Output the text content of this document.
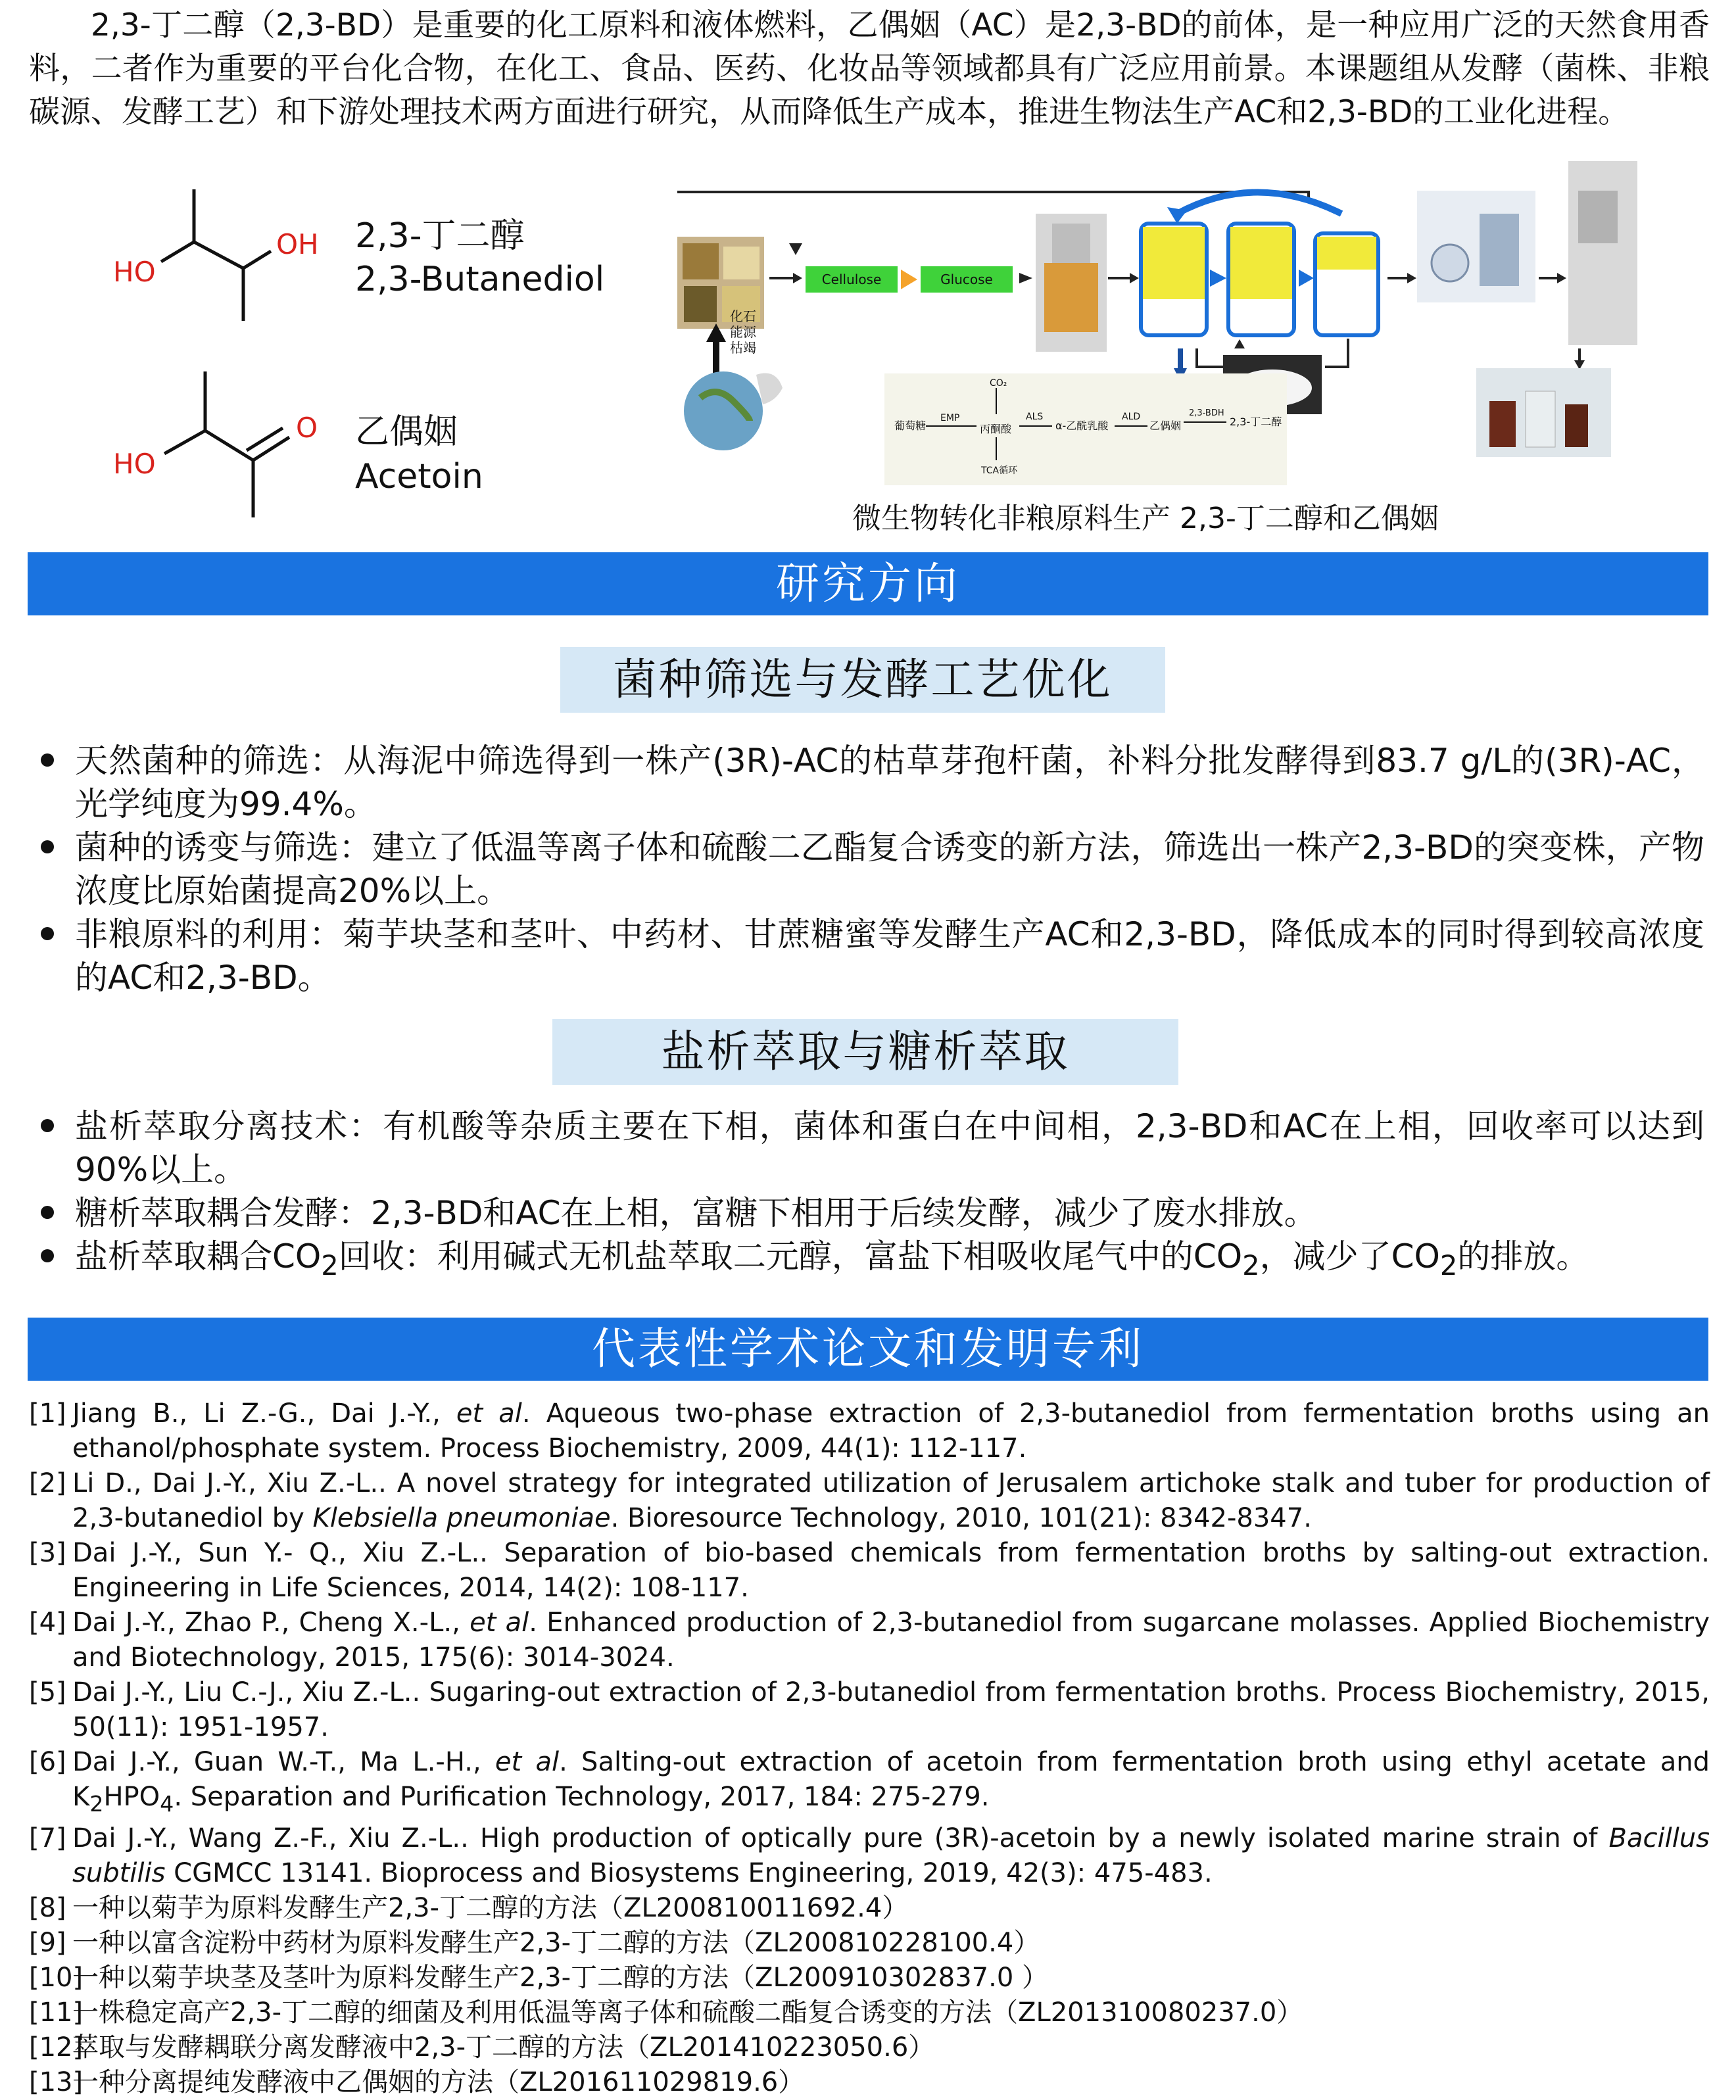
2,3-丁二醇（2,3-BD）是重要的化工原料和液体燃料，乙偶姻（AC）是2,3-BD的前体，是一种应用广泛的天然食用香料，二者作为重要的平台化合物，在化工、食品、医药、化妆品等领域都具有广泛应用前景。本课题组从发酵（菌株、非粮碳源、发酵工艺）和下游处理技术两方面进行研究，从而降低生产成本，推进生物法生产AC和2,3-BD的工业化进程。
HO
OH 2,3-丁二醇
2,3-Butanediol
HO
O 乙偶姻
Acetoin
Cellulose	Glucose
化石
能源
枯竭
葡萄糖
EMP
丙酮酸
CO₂
TCA循环
ALS
α-乙酰乳酸
ALD
乙偶姻
2,3-BDH
2,3-丁二醇
微生物转化非粮原料生产 2,3-丁二醇和乙偶姻
研究方向
菌种筛选与发酵工艺优化
天然菌种的筛选：从海泥中筛选得到一株产(3R)-AC的枯草芽孢杆菌，补料分批发酵得到83.7 g/L的(3R)-AC，光学纯度为99.4%。
菌种的诱变与筛选：建立了低温等离子体和硫酸二乙酯复合诱变的新方法，筛选出一株产2,3-BD的突变株，产物浓度比原始菌提高20%以上。
非粮原料的利用：菊芋块茎和茎叶、中药材、甘蔗糖蜜等发酵生产AC和2,3-BD，降低成本的同时得到较高浓度的AC和2,3-BD。
盐析萃取与糖析萃取
盐析萃取分离技术：有机酸等杂质主要在下相，菌体和蛋白在中间相，2,3-BD和AC在上相，回收率可以达到90%以上。
糖析萃取耦合发酵：2,3-BD和AC在上相，富糖下相用于后续发酵，减少了废水排放。
盐析萃取耦合$CO_2$回收：利用碱式无机盐萃取二元醇，富盐下相吸收尾气中的$CO_2$，减少了$CO_2$的排放。
代表性学术论文和发明专利
[1] Jiang B., Li Z.-G., Dai J.-Y., et al. Aqueous two-phase extraction of 2,3-butanediol from fermentation broths using an ethanol/phosphate system. Process Biochemistry, 2009, 44(1): 112-117.
[2] Li D., Dai J.-Y., Xiu Z.-L.. A novel strategy for integrated utilization of Jerusalem artichoke stalk and tuber for production of 2,3-butanediol by Klebsiella pneumoniae. Bioresource Technology, 2010, 101(21): 8342-8347.
[3] Dai J.-Y., Sun Y.- Q., Xiu Z.-L.. Separation of bio-based chemicals from fermentation broths by salting-out extraction. Engineering in Life Sciences, 2014, 14(2): 108-117.
[4] Dai J.-Y., Zhao P., Cheng X.-L., et al. Enhanced production of 2,3-butanediol from sugarcane molasses. Applied Biochemistry and Biotechnology, 2015, 175(6): 3014-3024.
[5] Dai J.-Y., Liu C.-J., Xiu Z.-L.. Sugaring-out extraction of 2,3-butanediol from fermentation broths. Process Biochemistry, 2015, 50(11): 1951-1957.
[6] Dai J.-Y., Guan W.-T., Ma L.-H., et al. Salting-out extraction of acetoin from fermentation broth using ethyl acetate and $K_2HPO_4$. Separation and Purification Technology, 2017, 184: 275-279.
[7] Dai J.-Y., Wang Z.-F., Xiu Z.-L.. High production of optically pure (3R)-acetoin by a newly isolated marine strain of Bacillus subtilis CGMCC 13141. Bioprocess and Biosystems Engineering, 2019, 42(3): 475-483.
[8] 一种以菊芋为原料发酵生产2,3-丁二醇的方法（ZL200810011692.4）
[9] 一种以富含淀粉中药材为原料发酵生产2,3-丁二醇的方法（ZL200810228100.4）
[10]
一种以菊芋块茎及茎叶为原料发酵生产2,3-丁二醇的方法（ZL200910302837.0 ）
[11]
一株稳定高产2,3-丁二醇的细菌及利用低温等离子体和硫酸二酯复合诱变的方法（ZL201310080237.0）
[12]
萃取与发酵耦联分离发酵液中2,3-丁二醇的方法（ZL201410223050.6）
[13]
一种分离提纯发酵液中乙偶姻的方法（ZL201611029819.6）
